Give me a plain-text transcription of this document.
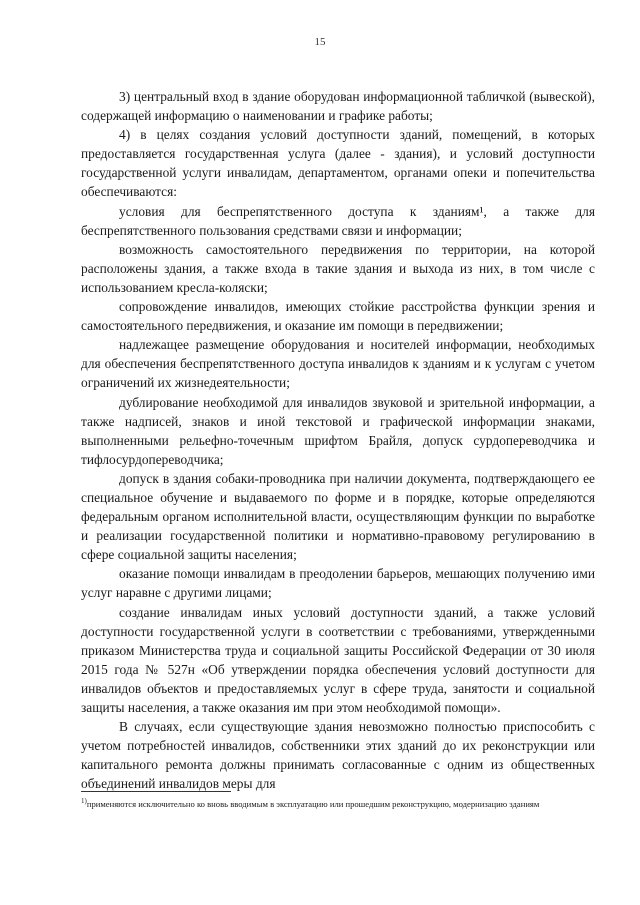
15

3) центральный вход в здание оборудован информационной табличкой (вывеской), содержащей информацию о наименовании и графике работы;

4) в целях создания условий доступности зданий, помещений, в которых предоставляется государственная услуга (далее - здания), и условий доступности государственной услуги инвалидам, департаментом, органами опеки и попечительства обеспечиваются:

условия для беспрепятственного доступа к зданиям¹, а также для беспрепятственного пользования средствами связи и информации;

возможность самостоятельного передвижения по территории, на которой расположены здания, а также входа в такие здания и выхода из них, в том числе с использованием кресла-коляски;

сопровождение инвалидов, имеющих стойкие расстройства функции зрения и самостоятельного передвижения, и оказание им помощи в передвижении;

надлежащее размещение оборудования и носителей информации, необходимых для обеспечения беспрепятственного доступа инвалидов к зданиям и к услугам с учетом ограничений их жизнедеятельности;

дублирование необходимой для инвалидов звуковой и зрительной информации, а также надписей, знаков и иной текстовой и графической информации знаками, выполненными рельефно-точечным шрифтом Брайля, допуск сурдопереводчика и тифлосурдопереводчика;

допуск в здания собаки-проводника при наличии документа, подтверждающего ее специальное обучение и выдаваемого по форме и в порядке, которые определяются федеральным органом исполнительной власти, осуществляющим функции по выработке и реализации государственной политики и нормативно-правовому регулированию в сфере социальной защиты населения;

оказание помощи инвалидам в преодолении барьеров, мешающих получению ими услуг наравне с другими лицами;

создание инвалидам иных условий доступности зданий, а также условий доступности государственной услуги в соответствии с требованиями, утвержденными приказом Министерства труда и социальной защиты Российской Федерации от 30 июля 2015 года № 527н «Об утверждении порядка обеспечения условий доступности для инвалидов объектов и предоставляемых услуг в сфере труда, занятости и социальной защиты населения, а также оказания им при этом необходимой помощи».

В случаях, если существующие здания невозможно полностью приспособить с учетом потребностей инвалидов, собственники этих зданий до их реконструкции или капитального ремонта должны принимать согласованные с одним из общественных объединений инвалидов меры для

$^{1)}$применяются исключительно ко вновь вводимым в эксплуатацию или прошедшим реконструкцию, модернизацию зданиям
